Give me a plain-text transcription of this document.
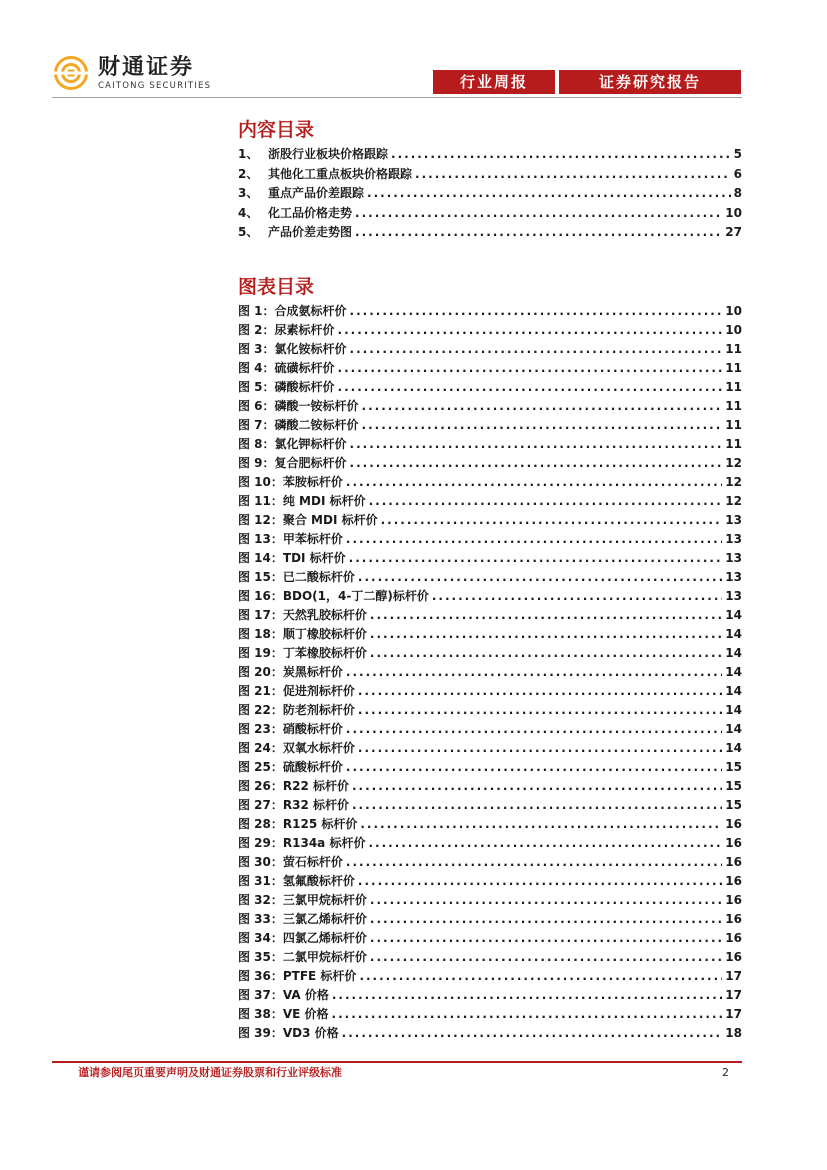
财通证券
CAITONG SECURITIES	行业周报	证券研究报告
内容目录
1、 浙股行业板块价格跟踪 .....	5
2、 其他化工重点板块价格跟踪 .....	6
3、 重点产品价差跟踪 .....	8
4、 化工品价格走势 .....	10
5、 产品价差走势图 .....	27
图表目录
图 1：合成氨标杆价 .....	10
图 2：尿素标杆价 .....	10
图 3：氯化铵标杆价 .....	11
图 4：硫磺标杆价 .....	11
图 5：磷酸标杆价 .....	11
图 6：磷酸一铵标杆价 .....	11
图 7：磷酸二铵标杆价 .....	11
图 8：氯化钾标杆价 .....	11
图 9：复合肥标杆价 .....	12
图 10：苯胺标杆价 .....	12
图 11：纯 MDI 标杆价 .....	12
图 12：聚合 MDI 标杆价 .....	13
图 13：甲苯标杆价 .....	13
图 14：TDI 标杆价 .....	13
图 15：已二酸标杆价 .....	13
图 16：BDO(1，4-丁二醇)标杆价 .....	13
图 17：天然乳胶标杆价 .....	14
图 18：顺丁橡胶标杆价 .....	14
图 19：丁苯橡胶标杆价 .....	14
图 20：炭黑标杆价 .....	14
图 21：促进剂标杆价 .....	14
图 22：防老剂标杆价 .....	14
图 23：硝酸标杆价 .....	14
图 24：双氧水标杆价 .....	14
图 25：硫酸标杆价 .....	15
图 26：R22 标杆价 .....	15
图 27：R32 标杆价 .....	15
图 28：R125 标杆价 .....	16
图 29：R134a 标杆价 .....	16
图 30：萤石标杆价 .....	16
图 31：氢氟酸标杆价 .....	16
图 32：三氯甲烷标杆价 .....	16
图 33：三氯乙烯标杆价 .....	16
图 34：四氯乙烯标杆价 .....	16
图 35：二氯甲烷标杆价 .....	16
图 36：PTFE 标杆价 .....	17
图 37：VA 价格 .....	17
图 38：VE 价格 .....	17
图 39：VD3 价格 .....	18
谨请参阅尾页重要声明及财通证券股票和行业评级标准	2
